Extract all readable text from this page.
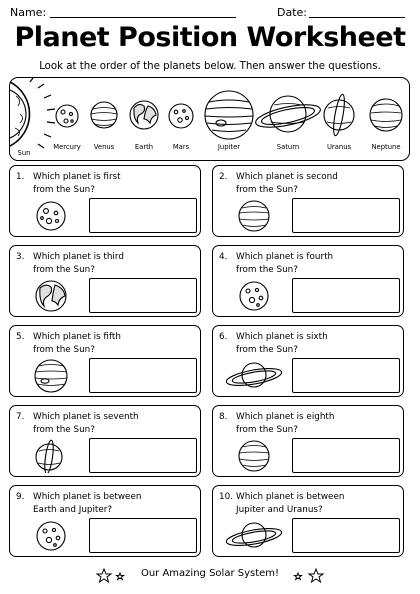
Name:	Date:
Planet Position Worksheet
Look at the order of the planets below. Then answer the questions.
Sun
Mercury	Venus	Earth	Mars	Jupiter	Saturn	Uranus	Neptune
1. Which planet is first
from the Sun?
2. Which planet is second
from the Sun?
3. Which planet is third
from the Sun?
4. Which planet is fourth
from the Sun?
5. Which planet is fifth
from the Sun?
6. Which planet is sixth
from the Sun?
7. Which planet is seventh
from the Sun?
8. Which planet is eighth
from the Sun?
9. Which planet is between
Earth and Jupiter?
10. Which planet is between
Jupiter and Uranus?
Our Amazing Solar System!
